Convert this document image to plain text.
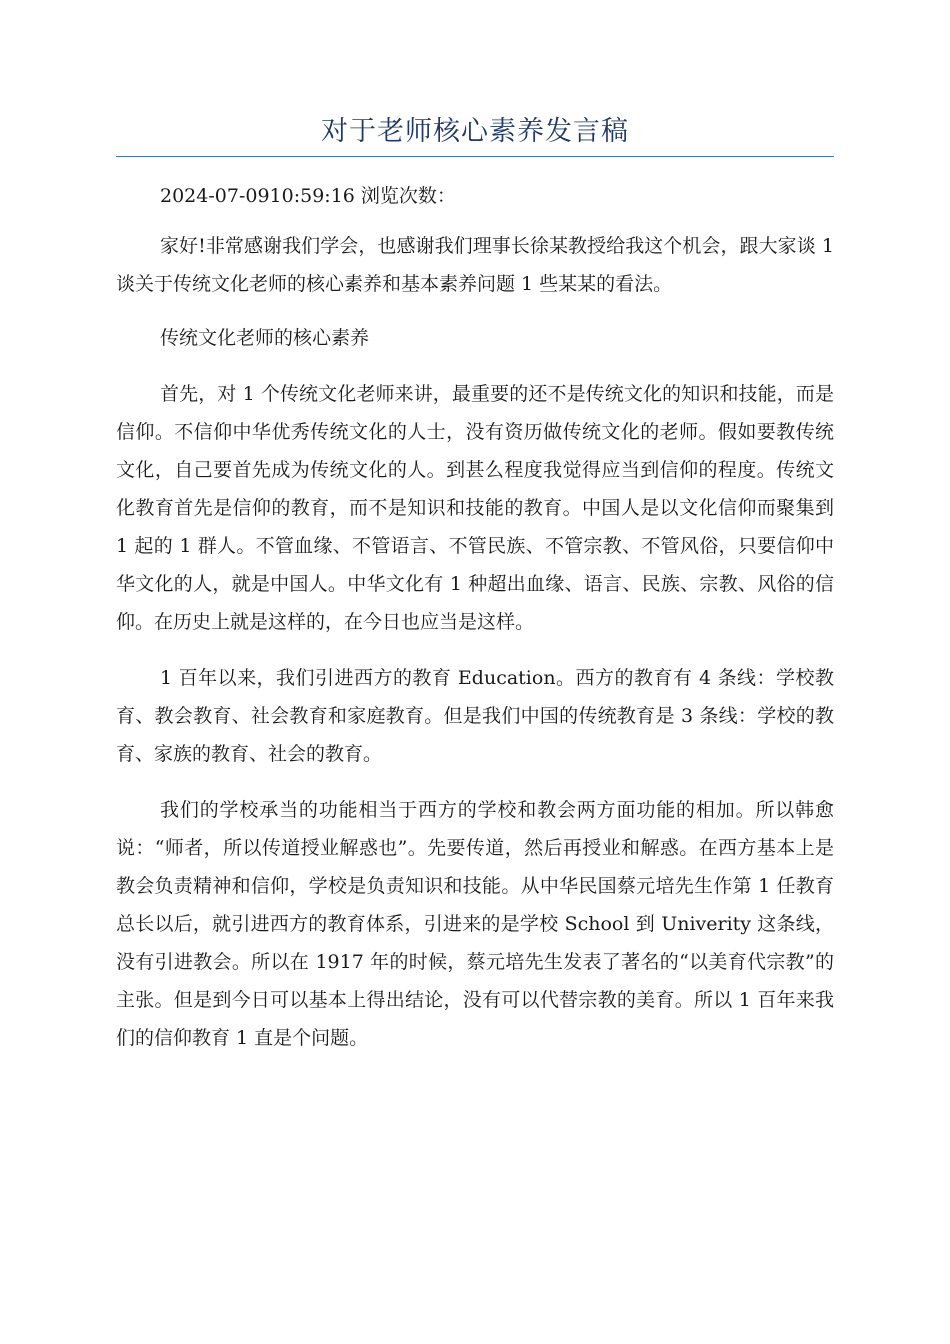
对于老师核心素养发言稿

2024-07-0910:59:16 浏览次数：

家好!非常感谢我们学会，也感谢我们理事长徐某教授给我这个机会，跟大家谈 1 谈关于传统文化老师的核心素养和基本素养问题 1 些某某的看法。

传统文化老师的核心素养

首先，对 1 个传统文化老师来讲，最重要的还不是传统文化的知识和技能，而是信仰。不信仰中华优秀传统文化的人士，没有资历做传统文化的老师。假如要教传统文化，自己要首先成为传统文化的人。到甚么程度我觉得应当到信仰的程度。传统文化教育首先是信仰的教育，而不是知识和技能的教育。中国人是以文化信仰而聚集到 1 起的 1 群人。不管血缘、不管语言、不管民族、不管宗教、不管风俗，只要信仰中华文化的人，就是中国人。中华文化有 1 种超出血缘、语言、民族、宗教、风俗的信仰。在历史上就是这样的，在今日也应当是这样。

1 百年以来，我们引进西方的教育 Education。西方的教育有 4 条线：学校教育、教会教育、社会教育和家庭教育。但是我们中国的传统教育是 3 条线：学校的教育、家族的教育、社会的教育。

我们的学校承当的功能相当于西方的学校和教会两方面功能的相加。所以韩愈说：“师者，所以传道授业解惑也”。先要传道，然后再授业和解惑。在西方基本上是教会负责精神和信仰，学校是负责知识和技能。从中华民国蔡元培先生作第 1 任教育总长以后，就引进西方的教育体系，引进来的是学校 School 到 Univerity 这条线，没有引进教会。所以在 1917 年的时候，蔡元培先生发表了著名的“以美育代宗教”的主张。但是到今日可以基本上得出结论，没有可以代替宗教的美育。所以 1 百年来我们的信仰教育 1 直是个问题。
